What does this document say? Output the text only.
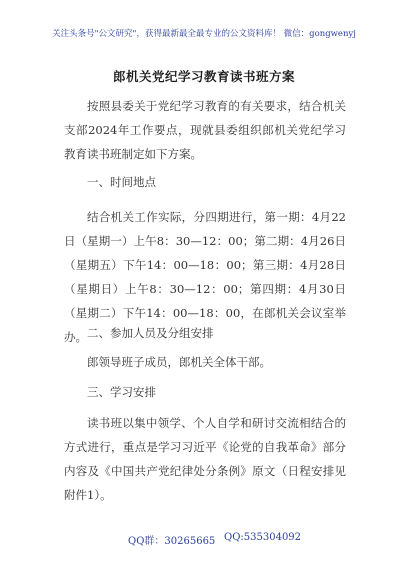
关注头条号"公文研究"，获得最新最全最专业的公文资料库！ 微信：gongwenyj
郎机关党纪学习教育读书班方案
按照县委关于党纪学习教育的有关要求，结合机关支部2024年工作要点，现就县委组织郎机关党纪学习教育读书班制定如下方案。
一、时间地点
结合机关工作实际，分四期进行，第一期：4月22日（星期一）上午8：30—12：00；第二期：4月26日（星期五）下午14：00—18：00；第三期：4月28日（星期日）上午8：30—12：00；第四期：4月30日（星期二）下午14：00—18：00，在郎机关会议室举办。 二、参加人员及分组安排
郎领导班子成员，郎机关全体干部。
三、学习安排
读书班以集中领学、个人自学和研讨交流相结合的方式进行，重点是学习习近平《论党的自我革命》部分内容及《中国共产党纪律处分条例》原文（日程安排见附件1）。
QQ群：30265665 QQ:535304092
